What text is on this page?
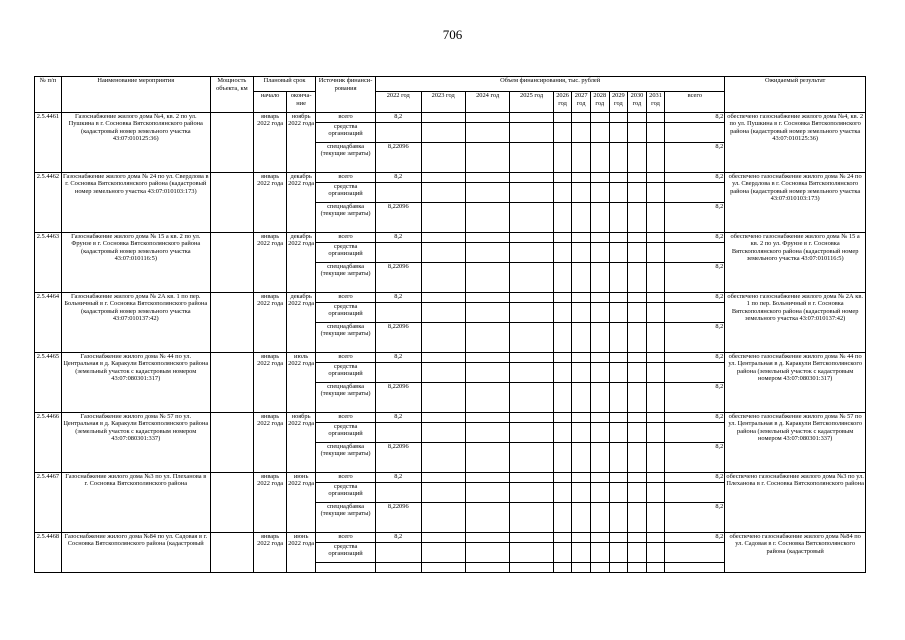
706
№ п/п	Наименование мероприятия	Мощность объекта, км	Плановый срок		Источник финанси-рования	Объем финансирования, тыс. рублей											Ожидаемый результат
			начало	оконча-ние		2022 год	2023 год	2024 год	2025 год	2026 год	2027 год	2028 год	2029 год	2030 год	2031 год	всего	
2.5.4461	Газоснабжение жилого дома №4, кв. 2 по ул. Пушкина в г. Сосновка Вятскополянского района (кадастровый номер земельного участка 43:07:010125:36)		январь 2022 года	ноябрь 2022 года	всего	8,2										8,2	обеспечено газоснабжение жилого дома №4, кв. 2 по ул. Пушкина в г. Сосновка Вятскополянского района (кадастровый номер земельного участка 43:07:010125:36)
					средства организаций												
					спецнадбавка (текущие затраты)	8,22096										8,2	
2.5.4462	Газоснабжение жилого дома № 24 по ул. Свердлова в г. Сосновка Вятскополянского района (кадастровый номер земельного участка 43:07:010103:173)		январь 2022 года	декабрь 2022 года	всего	8,2										8,2	обеспечено газоснабжение жилого дома № 24 по ул. Свердлова в г. Сосновка Вятскополянского района (кадастровый номер земельного участка 43:07:010103:173)
					средства организаций												
					спецнадбавка (текущие затраты)	8,22096										8,2	
2.5.4463	Газоснабжение жилого дома № 15 а кв. 2 по ул. Фрунзе в г. Сосновка Вятскополянского района (кадастровый номер земельного участка 43:07:010116:5)		январь 2022 года	декабрь 2022 года	всего	8,2										8,2	обеспечено газоснабжение жилого дома № 15 а кв. 2 по ул. Фрунзе в г. Сосновка Вятскополянского района (кадастровый номер земельного участка 43:07:010116:5)
					средства организаций												
					спецнадбавка (текущие затраты)	8,22096										8,2	
2.5.4464	Газоснабжение жилого дома № 2А кв. 1 по пер. Больничный в г. Сосновка Вятскополянского района (кадастровый номер земельного участка 43:07:010137:42)		январь 2022 года	декабрь 2022 года	всего	8,2										8,2	обеспечено газоснабжение жилого дома № 2А кв. 1 по пер. Больничный в г. Сосновка Вятскополянского района (кадастровый номер земельного участка 43:07:010137:42)
					средства организаций												
					спецнадбавка (текущие затраты)	8,22096										8,2	
2.5.4465	Газоснабжение жилого дома № 44 по ул. Центральная в д. Каракули Вятскополянского района (земельный участок с кадастровым номером 43:07:080301:317)		январь 2022 года	июль 2022 года	всего	8,2										8,2	обеспечено газоснабжение жилого дома № 44 по ул. Центральная в д. Каракули Вятскополянского района (земельный участок с кадастровым номером 43:07:080301:317)
					средства организаций												
					спецнадбавка (текущие затраты)	8,22096										8,2	
2.5.4466	Газоснабжение жилого дома № 57 по ул. Центральная в д. Каракули Вятскополянского района (земельный участок с кадастровым номером 43:07:080301:337)		январь 2022 года	ноябрь 2022 года	всего	8,2										8,2	обеспечено газоснабжение жилого дома № 57 по ул. Центральная в д. Каракули Вятскополянского района (земельный участок с кадастровым номером 43:07:080301:337)
					средства организаций												
					спецнадбавка (текущие затраты)	8,22096										8,2	
2.5.4467	Газоснабжение жилого дома №3 по ул. Плеханова в г. Сосновка Вятскополянского района		январь 2022 года	июнь 2022 года	всего	8,2										8,2	обеспечено газоснабжение жилого дома №3 по ул. Плеханова в г. Сосновка Вятскополянского района
					средства организаций												
					спецнадбавка (текущие затраты)	8,22096										8,2	
2.5.4468	Газоснабжение жилого дома №84 по ул. Садовая в г. Сосновка Вятскополянского района (кадастровый		январь 2022 года	июнь 2022 года	всего	8,2										8,2	обеспечено газоснабжение жилого дома №84 по ул. Садовая в г. Сосновка Вятскополянского района (кадастровый
					средства организаций												
